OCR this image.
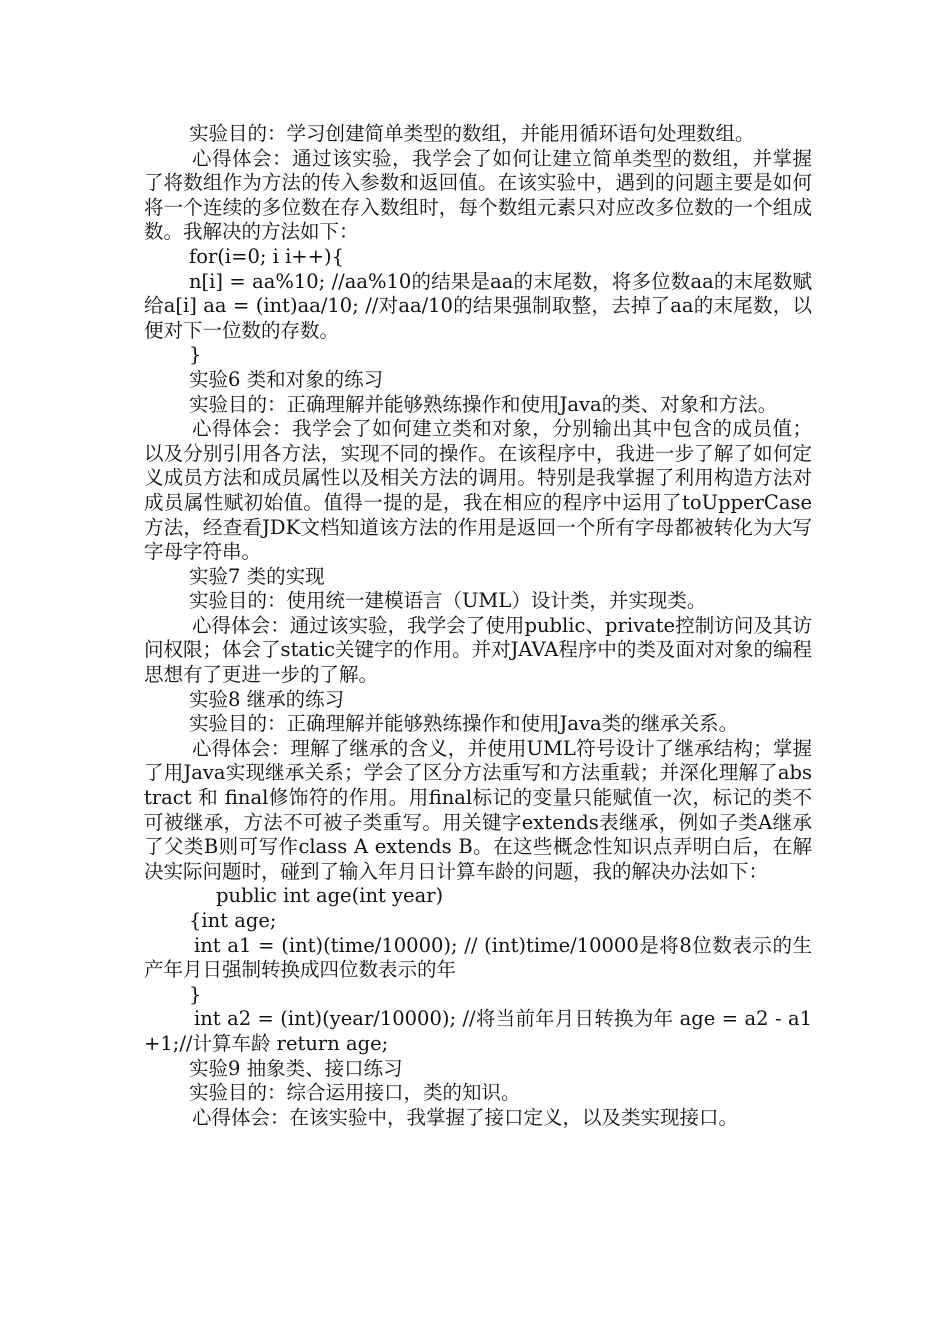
实验目的：学习创建简单类型的数组，并能用循环语句处理数组。

心得体会：通过该实验，我学会了如何让建立简单类型的数组，并掌握了将数组作为方法的传入参数和返回值。在该实验中，遇到的问题主要是如何将一个连续的多位数在存入数组时，每个数组元素只对应改多位数的一个组成数。我解决的方法如下：

for(i=0; i i++){

n[i] = aa%10; //aa%10的结果是aa的末尾数，将多位数aa的末尾数赋给a[i] aa = (int)aa/10; //对aa/10的结果强制取整，去掉了aa的末尾数，以便对下一位数的存数。

}

实验6 类和对象的练习

实验目的：正确理解并能够熟练操作和使用Java的类、对象和方法。

心得体会：我学会了如何建立类和对象，分别输出其中包含的成员值；以及分别引用各方法，实现不同的操作。在该程序中，我进一步了解了如何定义成员方法和成员属性以及相关方法的调用。特别是我掌握了利用构造方法对成员属性赋初始值。值得一提的是，我在相应的程序中运用了toUpperCase方法，经查看JDK文档知道该方法的作用是返回一个所有字母都被转化为大写字母字符串。

实验7 类的实现

实验目的：使用统一建模语言（UML）设计类，并实现类。

心得体会：通过该实验，我学会了使用public、private控制访问及其访问权限；体会了static关键字的作用。并对JAVA程序中的类及面对对象的编程思想有了更进一步的了解。

实验8 继承的练习

实验目的：正确理解并能够熟练操作和使用Java类的继承关系。

心得体会：理解了继承的含义，并使用UML符号设计了继承结构；掌握了用Java实现继承关系；学会了区分方法重写和方法重载；并深化理解了abstract 和 final修饰符的作用。用final标记的变量只能赋值一次，标记的类不可被继承，方法不可被子类重写。用关键字extends表继承，例如子类A继承了父类B则可写作class A extends B。在这些概念性知识点弄明白后，在解决实际问题时，碰到了输入年月日计算车龄的问题，我的解决办法如下：

public int age(int year)

{int age;

int a1 = (int)(time/10000); // (int)time/10000是将8位数表示的生产年月日强制转换成四位数表示的年

}

int a2 = (int)(year/10000); //将当前年月日转换为年 age = a2 - a1 +1;//计算车龄 return age;

实验9 抽象类、接口练习

实验目的：综合运用接口，类的知识。

心得体会：在该实验中，我掌握了接口定义，以及类实现接口。
